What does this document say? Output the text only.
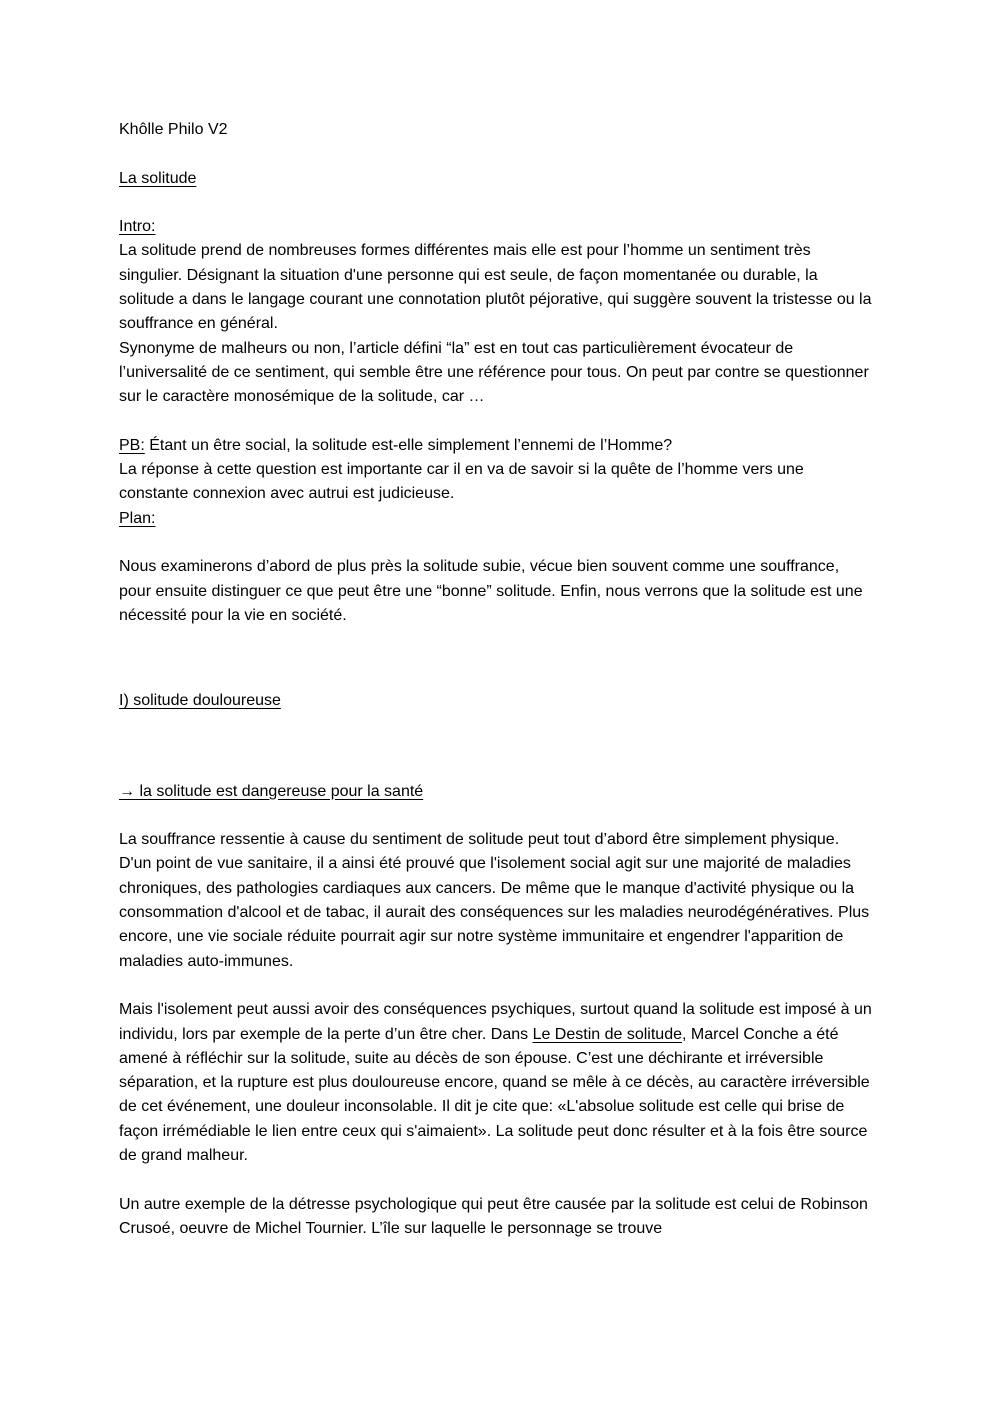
Khôlle Philo V2
La solitude
Intro:
La solitude prend de nombreuses formes différentes mais elle est pour l’homme un sentiment très singulier. Désignant la situation d'une personne qui est seule, de façon momentanée ou durable, la solitude a dans le langage courant une connotation plutôt péjorative, qui suggère souvent la tristesse ou la souffrance en général.
Synonyme de malheurs ou non, l’article défini “la” est en tout cas particulièrement évocateur de l’universalité de ce sentiment, qui semble être une référence pour tous. On peut par contre se questionner sur le caractère monosémique de la solitude, car …
PB: Étant un être social, la solitude est-elle simplement l’ennemi de l’Homme?
La réponse à cette question est importante car il en va de savoir si la quête de l’homme vers une constante connexion avec autrui est judicieuse.
Plan:
Nous examinerons d’abord de plus près la solitude subie, vécue bien souvent comme une souffrance, pour ensuite distinguer ce que peut être une “bonne” solitude. Enfin, nous verrons que la solitude est une nécessité pour la vie en société.
I) solitude douloureuse
→ la solitude est dangereuse pour la santé
La souffrance ressentie à cause du sentiment de solitude peut tout d’abord être simplement physique. D'un point de vue sanitaire, il a ainsi été prouvé que l'isolement social agit sur une majorité de maladies chroniques, des pathologies cardiaques aux cancers. De même que le manque d'activité physique ou la consommation d'alcool et de tabac, il aurait des conséquences sur les maladies neurodégénératives. Plus encore, une vie sociale réduite pourrait agir sur notre système immunitaire et engendrer l'apparition de maladies auto-immunes.
Mais l'isolement peut aussi avoir des conséquences psychiques, surtout quand la solitude est imposé à un individu, lors par exemple de la perte d’un être cher. Dans Le Destin de solitude, Marcel Conche a été amené à réfléchir sur la solitude, suite au décès de son épouse. C’est une déchirante et irréversible séparation, et la rupture est plus douloureuse encore, quand se mêle à ce décès, au caractère irréversible de cet événement, une douleur inconsolable. Il dit je cite que: «L'absolue solitude est celle qui brise de façon irrémédiable le lien entre ceux qui s'aimaient». La solitude peut donc résulter et à la fois être source de grand malheur.
Un autre exemple de la détresse psychologique qui peut être causée par la solitude est celui de Robinson Crusoé, oeuvre de Michel Tournier. L’île sur laquelle le personnage se trouve
